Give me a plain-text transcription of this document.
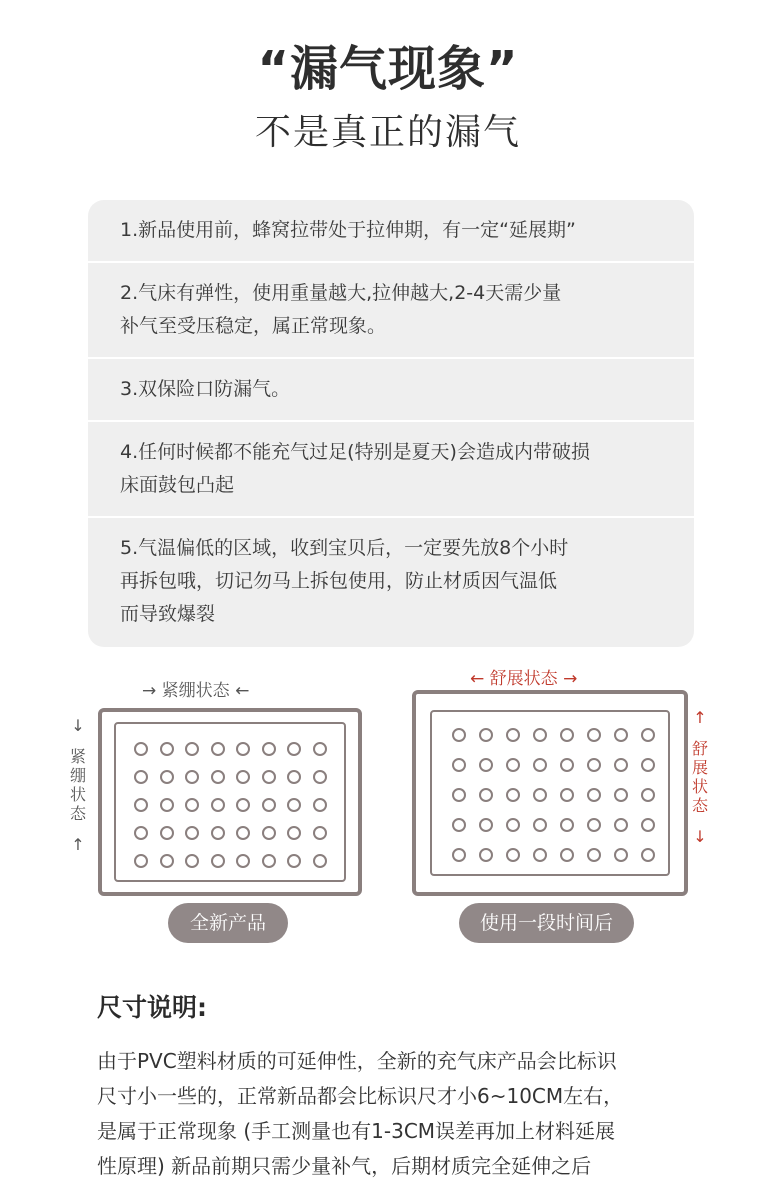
“漏气现象”
不是真正的漏气
1.新品使用前，蜂窝拉带处于拉伸期，有一定“延展期”
2.气床有弹性，使用重量越大,拉伸越大,2-4天需少量
补气至受压稳定，属正常现象。
3.双保险口防漏气。
4.任何时候都不能充气过足(特别是夏天)会造成内带破损
床面鼓包凸起
5.气温偏低的区域，收到宝贝后，一定要先放8个小时
再拆包哦，切记勿马上拆包使用，防止材质因气温低
而导致爆裂
→ 紧绷状态 ←
↓
紧绷状态
↑
全新产品
← 舒展状态 →
↑
舒展状态
↓
使用一段时间后
尺寸说明:
由于PVC塑料材质的可延伸性，全新的充气床产品会比标识
尺寸小一些的，正常新品都会比标识尺才小6~10CM左右，
是属于正常现象 (手工测量也有1-3CM误差再加上材料延展
性原理) 新品前期只需少量补气，后期材质完全延伸之后
